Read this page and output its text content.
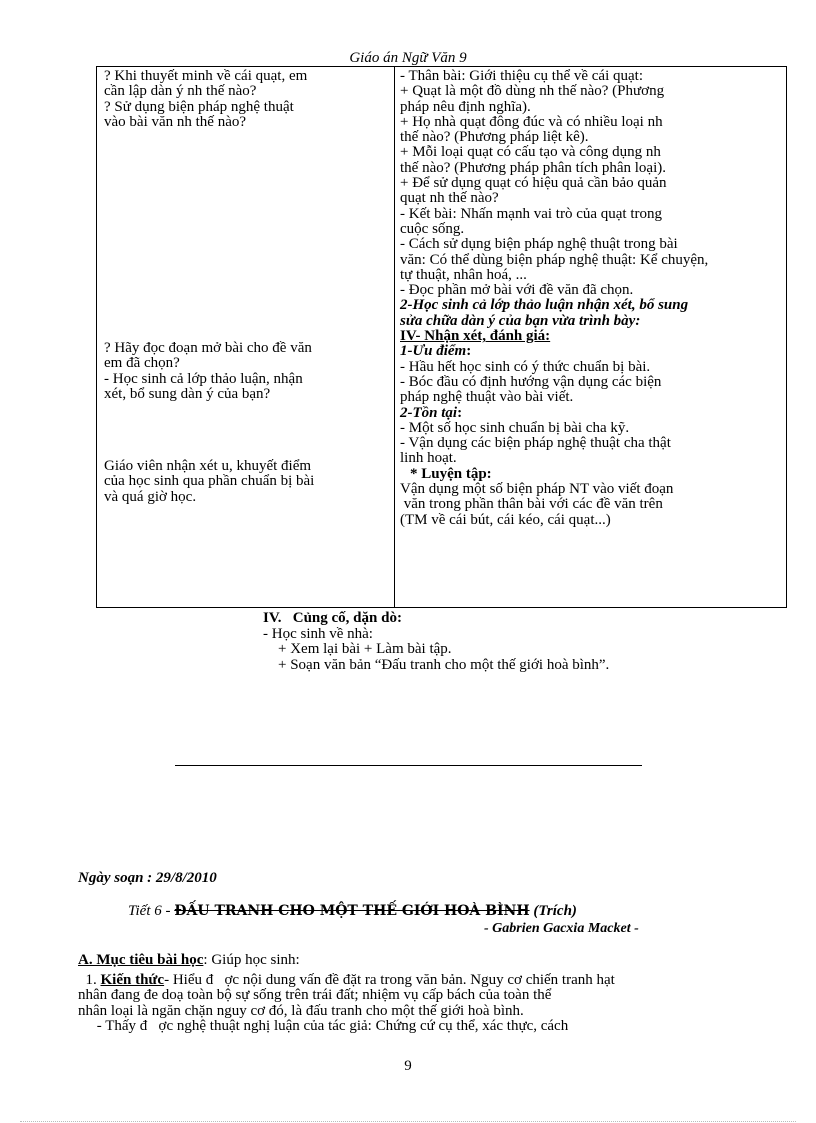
Giáo án Ngữ Văn 9
? Khi thuyết minh về cái quạt, em
cần lập dàn ý nh thế nào?
? Sử dụng biện pháp nghệ thuật
vào bài văn nh thế nào?
? Hãy đọc đoạn mở bài cho đề văn
em đã chọn?
- Học sinh cả lớp thảo luận, nhận
xét, bổ sung dàn ý của bạn?
Giáo viên nhận xét u, khuyết điểm
của học sinh qua phần chuẩn bị bài
và quá giờ học.
- Thân bài: Giới thiệu cụ thể về cái quạt:
+ Quạt là một đồ dùng nh thế nào? (Phương
pháp nêu định nghĩa).
+ Họ nhà quạt đông đúc và có nhiều loại nh
thế nào? (Phương pháp liệt kê).
+ Mỗi loại quạt có cấu tạo và công dụng nh
thế nào? (Phương pháp phân tích phân loại).
+ Để sử dụng quạt có hiệu quả cần bảo quản
quạt nh thế nào?
- Kết bài: Nhấn mạnh vai trò của quạt trong
cuộc sống.
- Cách sử dụng biện pháp nghệ thuật trong bài
văn: Có thể dùng biện pháp nghệ thuật: Kể chuyện,
tự thuật, nhân hoá, ...
- Đọc phần mở bài với đề văn đã chọn.
2-Học sinh cả lớp thảo luận nhận xét, bổ sung
sửa chữa dàn ý của bạn vừa trình bày:
IV- Nhận xét, đánh giá:
1-Ưu điểm:
- Hầu hết học sinh có ý thức chuẩn bị bài.
- Bóc đầu có định hướng vận dụng các biện
pháp nghệ thuật vào bài viết.
2-Tồn tại:
- Một số học sinh chuẩn bị bài cha kỹ.
- Vận dụng các biện pháp nghệ thuật cha thật
linh hoạt.
* Luyện tập:
Vận dụng một số biện pháp NT vào viết đoạn
văn trong phần thân bài với các đề văn trên
(TM về cái bút, cái kéo, cái quạt...)
IV.   Củng cố, dặn dò:
- Học sinh về nhà:
+ Xem lại bài + Làm bài tập.
+ Soạn văn bản “Đấu tranh cho một thế giới hoà bình”.
Ngày soạn : 29/8/2010
Tiết 6 - ĐẤU TRANH CHO MỘT THẾ GIỚI HOÀ BÌNH (Trích)
- Gabrien Gacxia Macket -
A. Mục tiêu bài học: Giúp học sinh:
1. Kiến thức- Hiểu đ   ợc nội dung vấn đề đặt ra trong văn bản. Nguy cơ chiến tranh hạt
nhân đang đe doạ toàn bộ sự sống trên trái đất; nhiệm vụ cấp bách của toàn thể
nhân loại là ngăn chặn nguy cơ đó, là đấu tranh cho một thế giới hoà bình.
- Thấy đ   ợc nghệ thuật nghị luận của tác giả: Chứng cứ cụ thể, xác thực, cách
9
